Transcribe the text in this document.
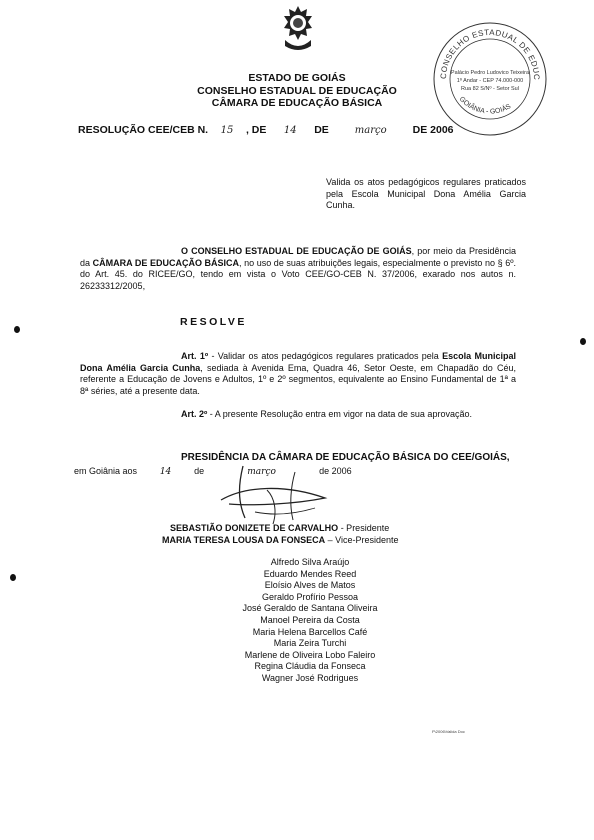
CONSELHO ESTADUAL DE EDUC
GOIÂNIA - GOIÁS
Palácio Pedro Ludovico Teixeira
1º Andar - CEP 74.000-000
Rua 82 S/Nº - Setor Sul
ESTADO DE GOIÁS
CONSELHO ESTADUAL DE EDUCAÇÃO
CÂMARA DE EDUCAÇÃO BÁSICA
RESOLUÇÃO CEE/CEB N. 15 , DE 14 DE	março DE 2006
Valida os atos pedagógicos regulares praticados pela Escola Municipal Dona Amélia Garcia Cunha.
O CONSELHO ESTADUAL DE EDUCAÇÃO DE GOIÁS, por meio da Presidência da CÂMARA DE EDUCAÇÃO BÁSICA, no uso de suas atribuições legais, especialmente o previsto no § 6º. do Art. 45. do RICEE/GO, tendo em vista o Voto CEE/GO-CEB N. 37/2006, exarado nos autos n. 26233312/2005,
RESOLVE
Art. 1º - Validar os atos pedagógicos regulares praticados pela Escola Municipal Dona Amélia Garcia Cunha, sediada à Avenida Ema, Quadra 46, Setor Oeste, em Chapadão do Céu, referente a Educação de Jovens e Adultos, 1º e 2º segmentos, equivalente ao Ensino Fundamental de 1ª a 8ª séries, até a presente data.
Art. 2º - A presente Resolução entra em vigor na data de sua aprovação.
PRESIDÊNCIA DA CÂMARA DE EDUCAÇÃO BÁSICA DO CEE/GOIÁS,
em Goiânia aos	14	de	março	de 2006
SEBASTIÃO DONIZETE DE CARVALHO - Presidente
MARIA TERESA LOUSA DA FONSECA – Vice-Presidente
Alfredo Silva Araújo
Eduardo Mendes Reed
Eloísio Alves de Matos
Geraldo Profírio Pessoa
José Geraldo de Santana Oliveira
Manoel Pereira da Costa
Maria Helena Barcellos Café
Maria Zeira Turchi
Marlene de Oliveira Lobo Faleiro
Regina Cláudia da Fonseca
Wagner José Rodrigues
P\2006\Valida Doc
